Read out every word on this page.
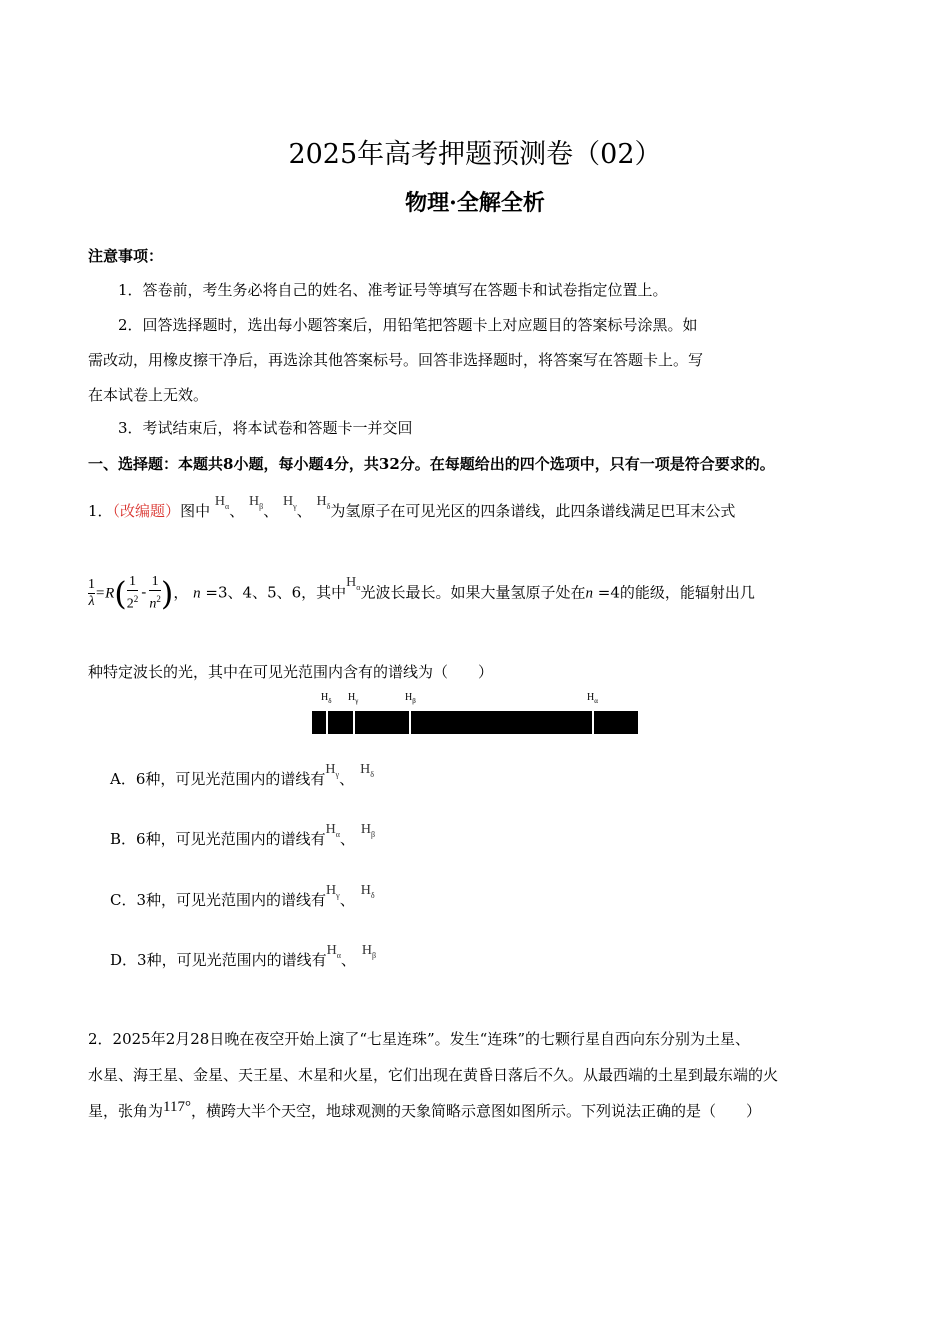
2025年高考押题预测卷（02）
物理·全解全析
注意事项：
1．答卷前，考生务必将自己的姓名、准考证号等填写在答题卡和试卷指定位置上。
2．回答选择题时，选出每小题答案后，用铅笔把答题卡上对应题目的答案标号涂黑。如
需改动，用橡皮擦干净后，再选涂其他答案标号。回答非选择题时，将答案写在答题卡上。写
在本试卷上无效。
3．考试结束后，将本试卷和答题卡一并交回
一、选择题：本题共8小题，每小题4分，共32分。在每题给出的四个选项中，只有一项是符合要求的。
1．（改编题）图中 $H_\alpha$、 $H_\beta$、 $H_\gamma$、 $H_\delta$为氢原子在可见光区的四条谱线，此四条谱线满足巴耳末公式
$\frac{1}{\lambda} =R( \frac{1}{2^2} - \frac{1}{n^2}$ )， n =3、4、5、6，其中$H_\alpha$光波长最长。如果大量氢原子处在n =4的能级，能辐射出几
种特定波长的光，其中在可见光范围内含有的谱线为（　　）
$H_\delta$ $H_\gamma$	$H_\beta$	$H_\alpha$
A．6种，可见光范围内的谱线有$H_\gamma$、$H_\delta$
B．6种，可见光范围内的谱线有$H_\alpha$、$H_\beta$
C．3种，可见光范围内的谱线有$H_\gamma$、$H_\delta$
D．3种，可见光范围内的谱线有$H_\alpha$、$H_\beta$
2．2025年2月28日晚在夜空开始上演了“七星连珠”。发生“连珠”的七颗行星自西向东分别为土星、
水星、海王星、金星、天王星、木星和火星，它们出现在黄昏日落后不久。从最西端的土星到最东端的火
星，张角为117°，横跨大半个天空，地球观测的天象简略示意图如图所示。下列说法正确的是（　　）
